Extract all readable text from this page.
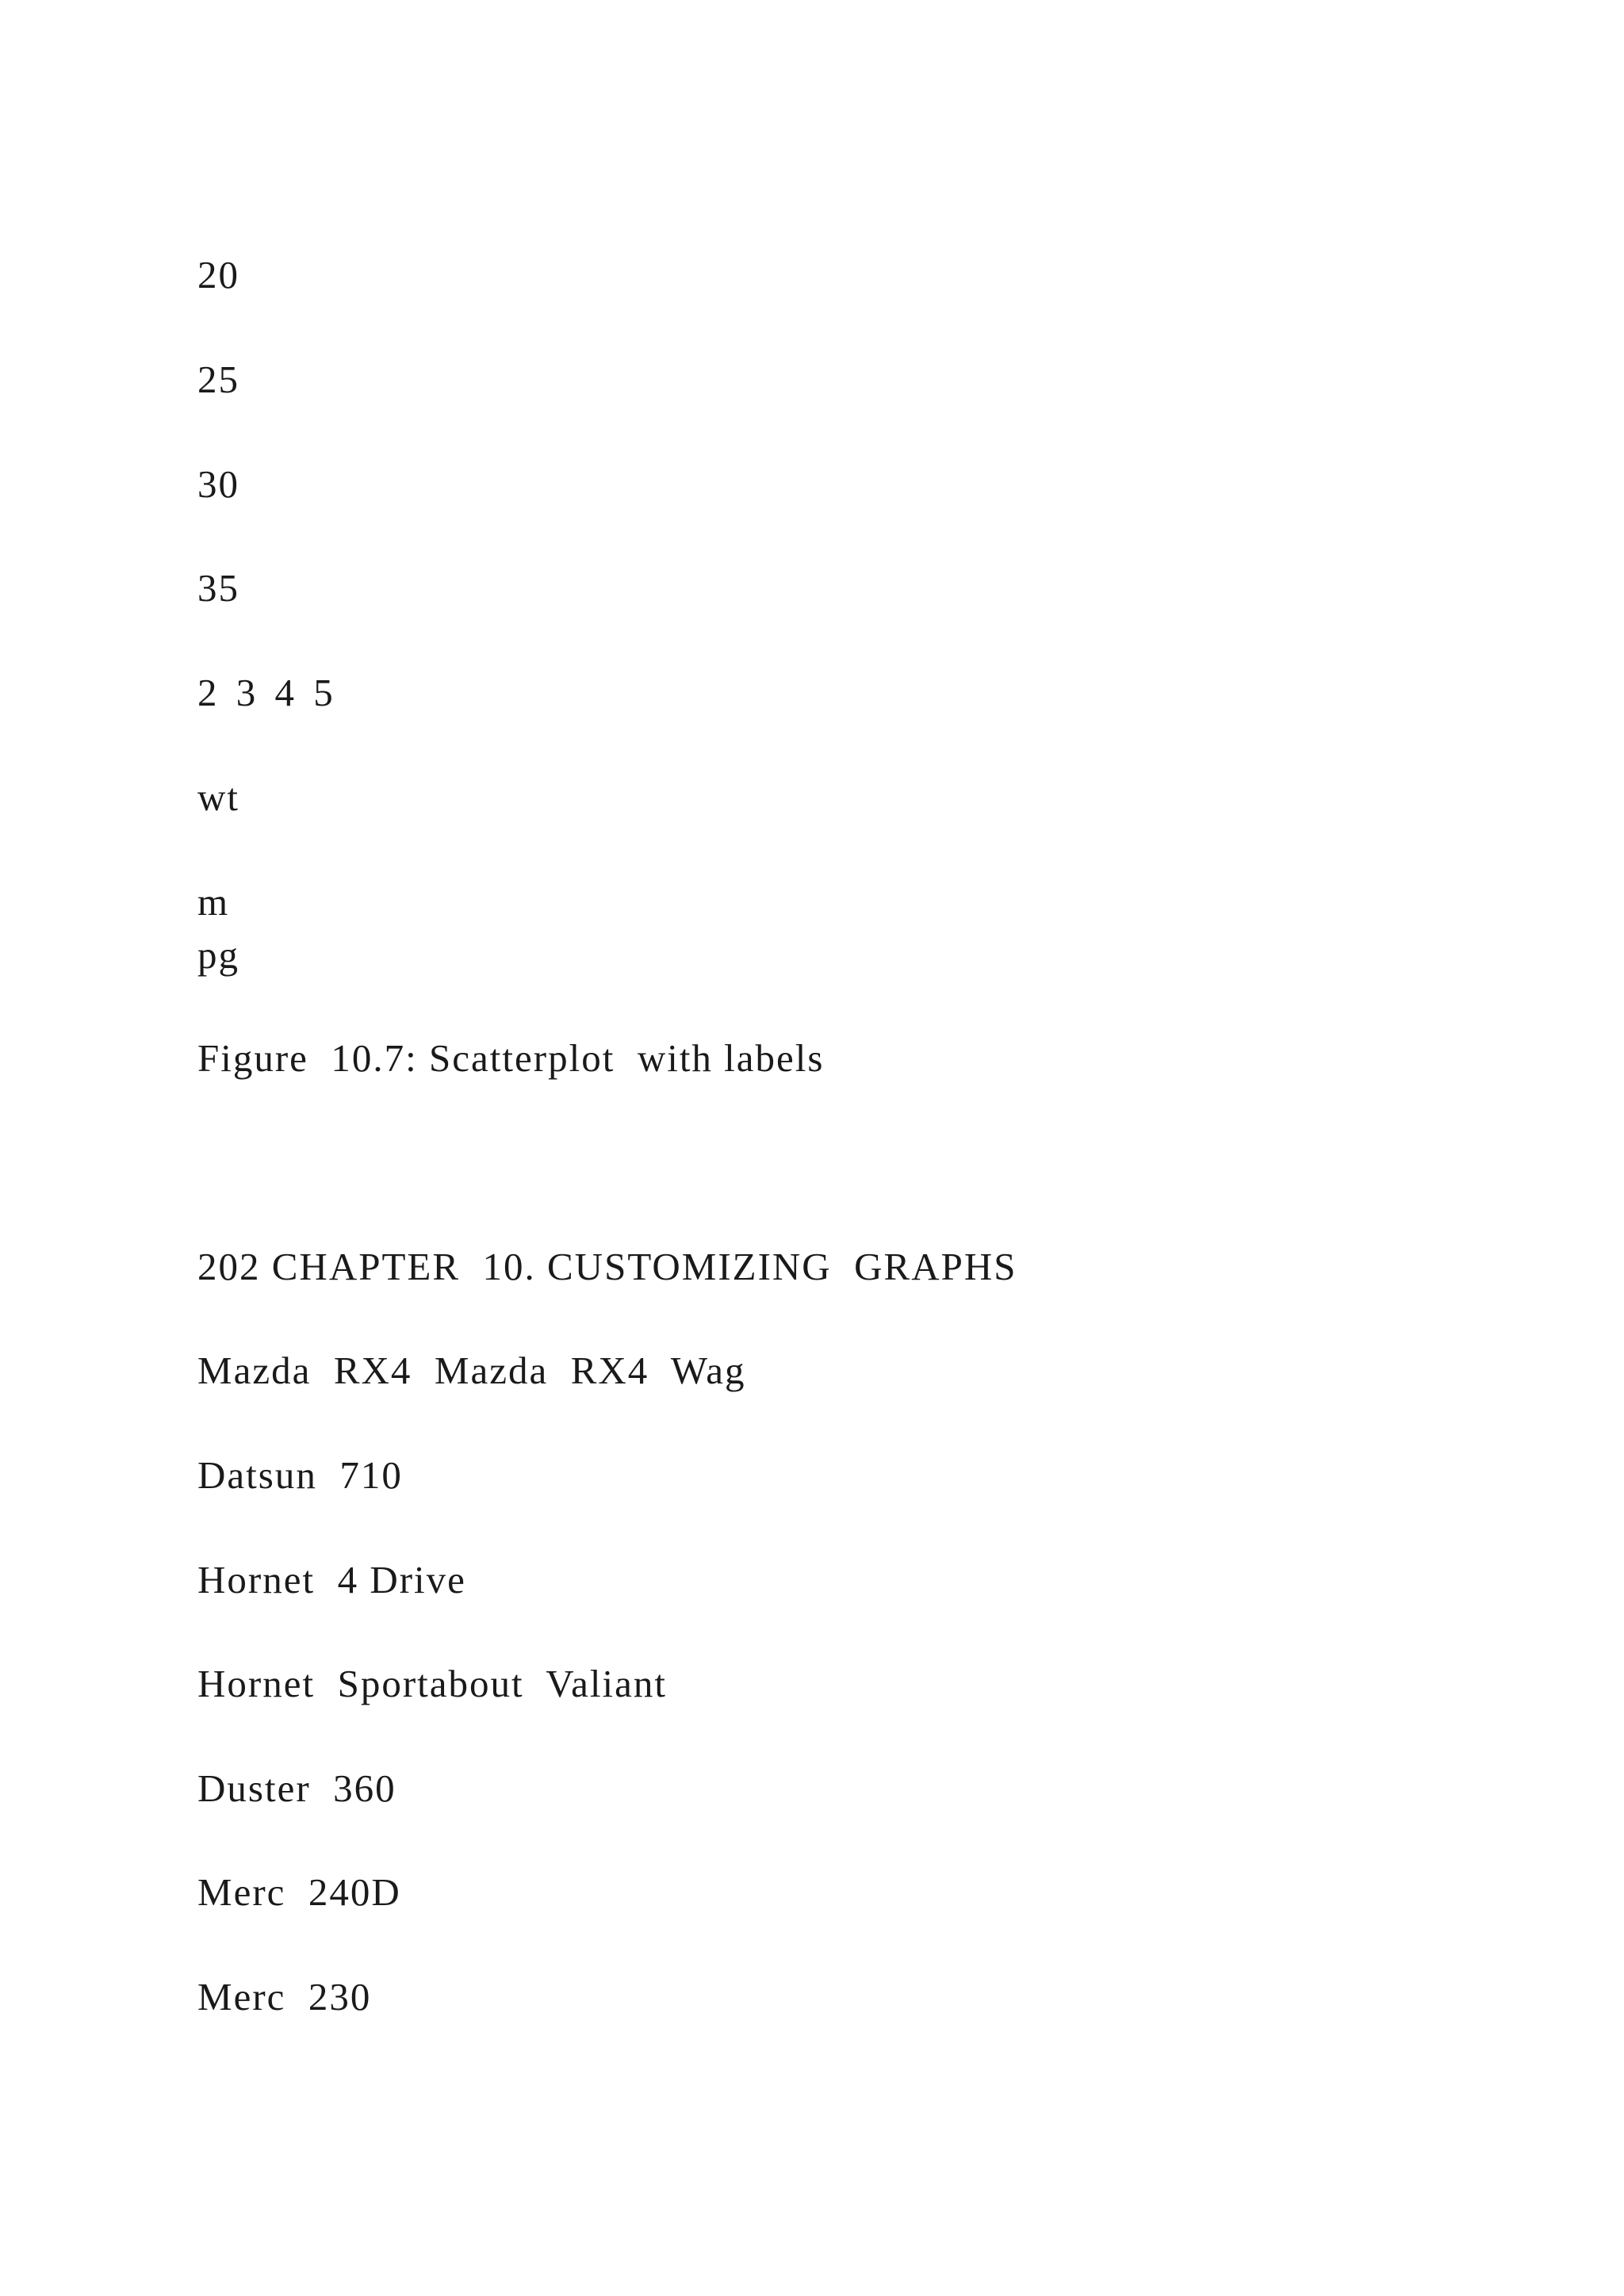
20
25
30
35
2 3 4 5
wt
m
pg
Figure  10.7: Scatterplot  with labels
202 CHAPTER  10. CUSTOMIZING  GRAPHS
Mazda  RX4  Mazda  RX4  Wag
Datsun  710
Hornet  4 Drive
Hornet  Sportabout  Valiant
Duster  360
Merc  240D
Merc  230
